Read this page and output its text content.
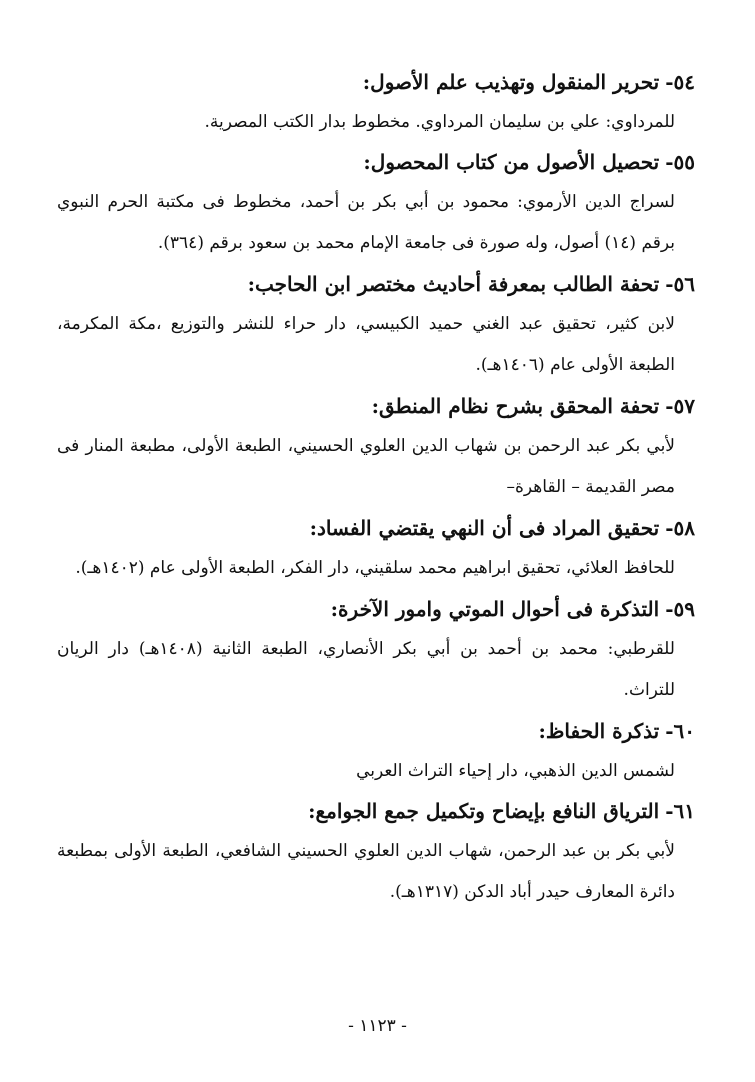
٥٤-تحرير المنقول وتهذيب علم الأصول:

للمرداوي: علي بن سليمان المرداوي. مخطوط بدار الكتب المصرية.

٥٥-تحصيل الأصول من كتاب المحصول:

لسراج الدين الأرموي: محمود بن أبي بكر بن أحمد، مخطوط فى مكتبة الحرم النبوي برقم (١٤) أصول، وله صورة فى جامعة الإمام محمد بن سعود برقم (٣٦٤).

٥٦-تحفة الطالب بمعرفة أحاديث مختصر ابن الحاجب:

لابن كثير، تحقيق عبد الغني حميد الكبيسي، دار حراء للنشر والتوزيع ،مكة المكرمة، الطبعة الأولى عام (١٤٠٦هـ).

٥٧-تحفة المحقق بشرح نظام المنطق:

لأبي بكر عبد الرحمن بن شهاب الدين العلوي الحسيني، الطبعة الأولى، مطبعة المنار فى مصر القديمة – القاهرة–

٥٨-تحقيق المراد فى أن النهي يقتضي الفساد:

للحافظ العلائي، تحقيق ابراهيم محمد سلقيني، دار الفكر، الطبعة الأولى عام (١٤٠٢هـ).

٥٩-التذكرة فى أحوال الموتي وامور الآخرة:

للقرطبي: محمد بن أحمد بن أبي بكر الأنصاري، الطبعة الثانية (١٤٠٨هـ) دار الريان للتراث.

٦٠-تذكرة الحفاظ:

لشمس الدين الذهبي، دار إحياء التراث العربي

٦١-الترياق النافع بإيضاح وتكميل جمع الجوامع:

لأبي بكر بن عبد الرحمن، شهاب الدين العلوي الحسيني الشافعي، الطبعة الأولى بمطبعة دائرة المعارف حيدر أباد الدكن (١٣١٧هـ).

- ١١٢٣ -
